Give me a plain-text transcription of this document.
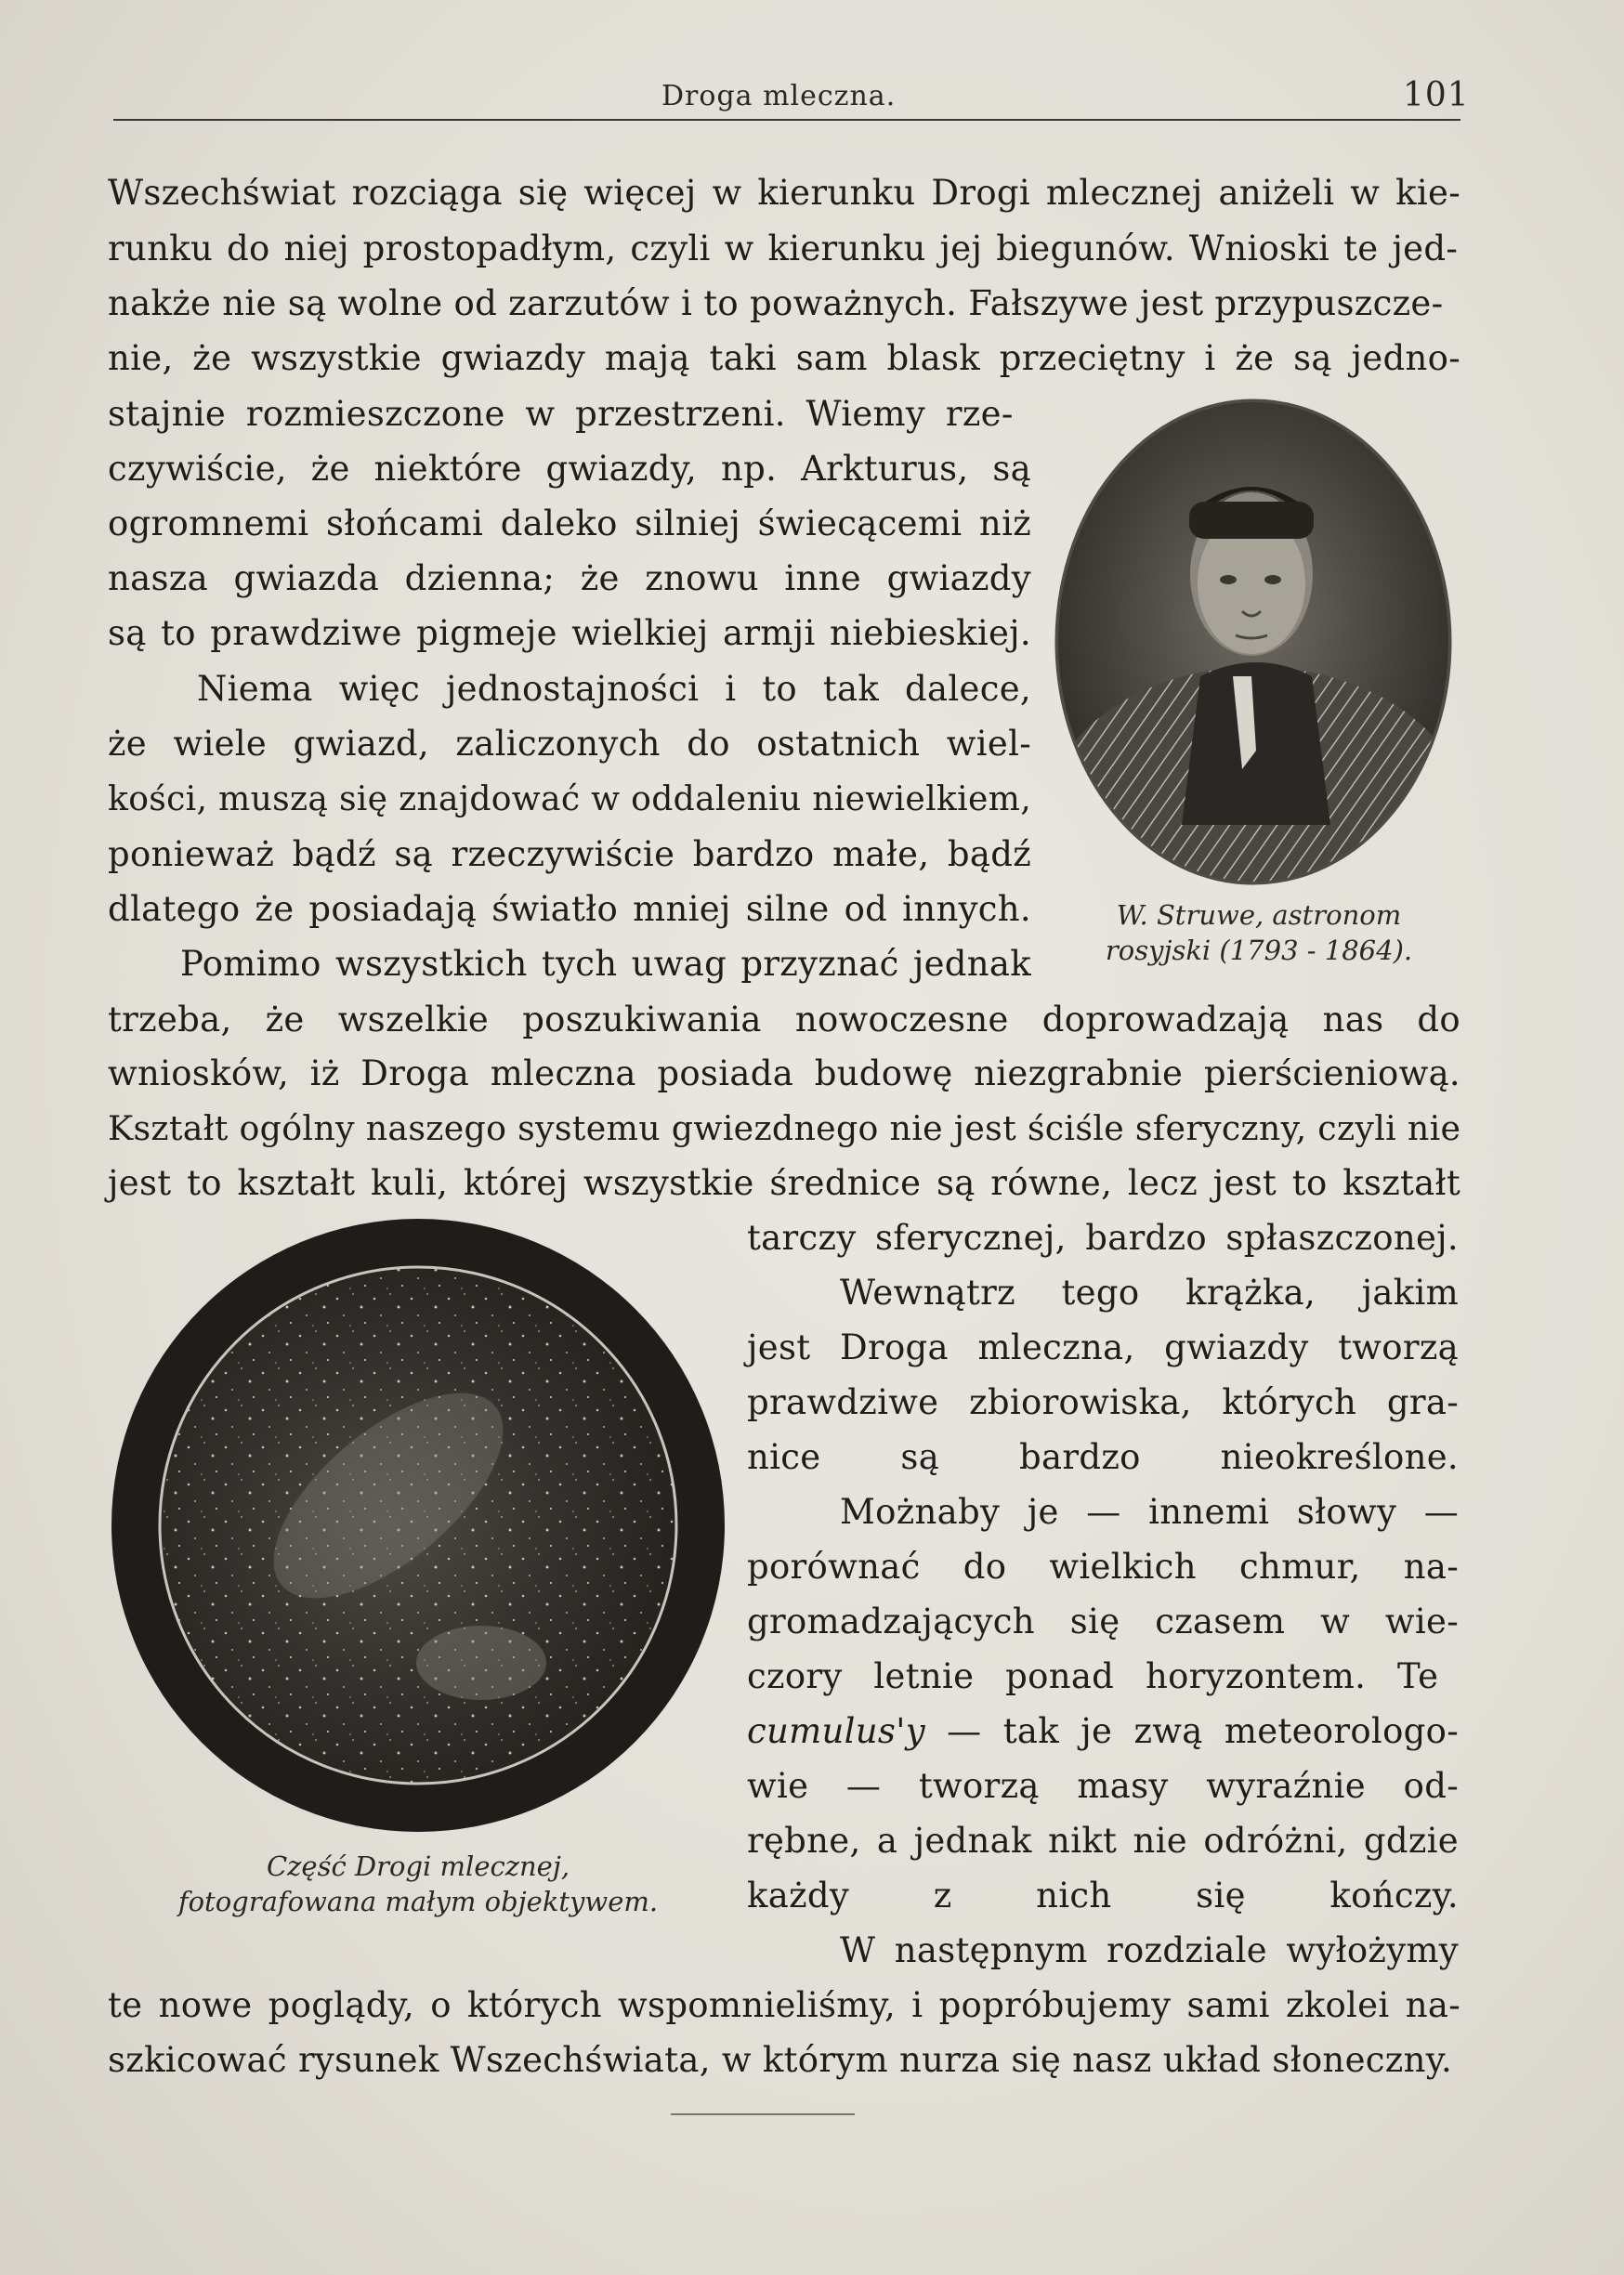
Droga mleczna.	101
Wszechświat rozciąga się więcej w kierunku Drogi mlecznej aniżeli w kie-
runku do niej prostopadłym, czyli w kierunku jej biegunów. Wnioski te jed-
nakże nie są wolne od zarzutów i to poważnych. Fałszywe jest przypuszcze-
nie, że wszystkie gwiazdy mają taki sam blask przeciętny i że są jedno-
stajnie rozmieszczone w przestrzeni. Wiemy rze-
czywiście, że niektóre gwiazdy, np. Arkturus, są
ogromnemi słońcami daleko silniej świecącemi niż
nasza gwiazda dzienna; że znowu inne gwiazdy
są to prawdziwe pigmeje wielkiej armji niebieskiej.
Niema więc jednostajności i to tak dalece,
że wiele gwiazd, zaliczonych do ostatnich wiel-
kości, muszą się znajdować w oddaleniu niewielkiem,
ponieważ bądź są rzeczywiście bardzo małe, bądź
dlatego że posiadają światło mniej silne od innych.
Pomimo wszystkich tych uwag przyznać jednak
trzeba, że wszelkie poszukiwania nowoczesne doprowadzają nas do
wniosków, iż Droga mleczna posiada budowę niezgrabnie pierścieniową.
Kształt ogólny naszego systemu gwiezdnego nie jest ściśle sferyczny, czyli nie
jest to kształt kuli, której wszystkie średnice są równe, lecz jest to kształt
tarczy sferycznej, bardzo spłaszczonej.
Wewnątrz tego krążka, jakim
jest Droga mleczna, gwiazdy tworzą
prawdziwe zbiorowiska, których gra-
nice są bardzo nieokreślone.
Możnaby je — innemi słowy —
porównać do wielkich chmur, na-
gromadzających się czasem w wie-
czory letnie ponad horyzontem. Te
cumulus'y — tak je zwą meteorologo-
wie — tworzą masy wyraźnie od-
rębne, a jednak nikt nie odróżni, gdzie
każdy z nich się kończy.
W następnym rozdziale wyłożymy
te nowe poglądy, o których wspomnieliśmy, i popróbujemy sami zkolei na-
szkicować rysunek Wszechświata, w którym nurza się nasz układ słoneczny.
W. Struwe, astronom
rosyjski (1793 - 1864).
Część Drogi mlecznej,
fotografowana małym objektywem.
